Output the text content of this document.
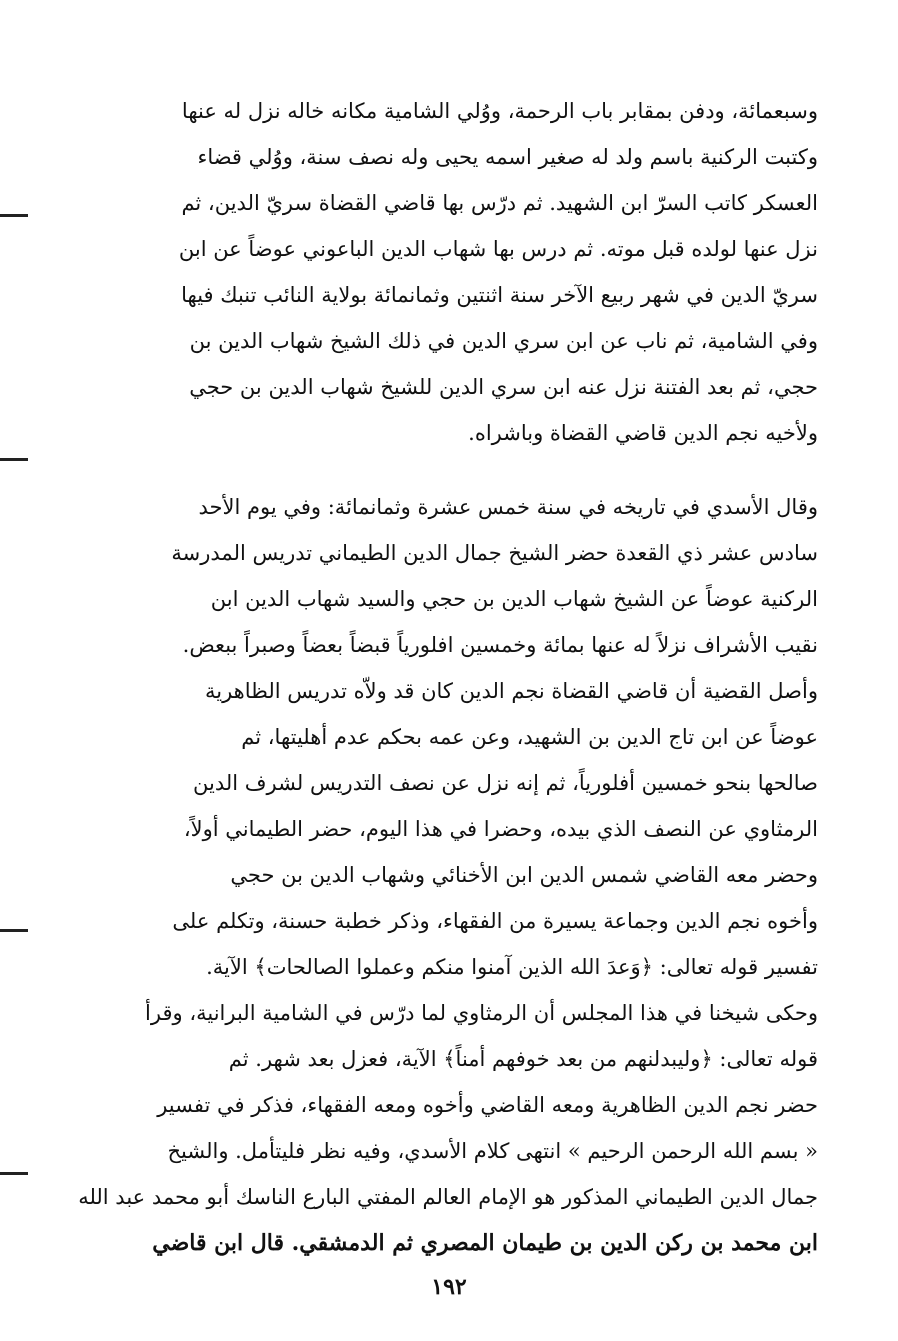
وسبعمائة، ودفن بمقابر باب الرحمة، ووُلي الشامية مكانه خاله نزل له عنها
وكتبت الركنية باسم ولد له صغير اسمه يحيى وله نصف سنة، ووُلي قضاء
العسكر كاتب السرّ ابن الشهيد. ثم درّس بها قاضي القضاة سريّ الدين، ثم
نزل عنها لولده قبل موته. ثم درس بها شهاب الدين الباعوني عوضاً عن ابن
سريّ الدين في شهر ربيع الآخر سنة اثنتين وثمانمائة بولاية النائب تنبك فيها
وفي الشامية، ثم ناب عن ابن سري الدين في ذلك الشيخ شهاب الدين بن
حجي، ثم بعد الفتنة نزل عنه ابن سري الدين للشيخ شهاب الدين بن حجي
ولأخيه نجم الدين قاضي القضاة وباشراه.
وقال الأسدي في تاريخه في سنة خمس عشرة وثمانمائة: وفي يوم الأحد
سادس عشر ذي القعدة حضر الشيخ جمال الدين الطيماني تدريس المدرسة
الركنية عوضاً عن الشيخ شهاب الدين بن حجي والسيد شهاب الدين ابن
نقيب الأشراف نزلاً له عنها بمائة وخمسين افلورياً قبضاً بعضاً وصبراً ببعض.
وأصل القضية أن قاضي القضاة نجم الدين كان قد ولاّه تدريس الظاهرية
عوضاً عن ابن تاج الدين بن الشهيد، وعن عمه بحكم عدم أهليتها، ثم
صالحها بنحو خمسين أفلورياً، ثم إنه نزل عن نصف التدريس لشرف الدين
الرمثاوي عن النصف الذي بيده، وحضرا في هذا اليوم، حضر الطيماني أولاً،
وحضر معه القاضي شمس الدين ابن الأخنائي وشهاب الدين بن حجي
وأخوه نجم الدين وجماعة يسيرة من الفقهاء، وذكر خطبة حسنة، وتكلم على
تفسير قوله تعالى: ﴿وَعدَ الله الذين آمنوا منكم وعملوا الصالحات﴾ الآية.
وحكى شيخنا في هذا المجلس أن الرمثاوي لما درّس في الشامية البرانية، وقرأ
قوله تعالى: ﴿وليبدلنهم من بعد خوفهم أمناً﴾ الآية، فعزل بعد شهر. ثم
حضر نجم الدين الظاهرية ومعه القاضي وأخوه ومعه الفقهاء، فذكر في تفسير
« بسم الله الرحمن الرحيم » انتهى كلام الأسدي، وفيه نظر فليتأمل. والشيخ
جمال الدين الطيماني المذكور هو الإمام العالم المفتي البارع الناسك أبو محمد عبد الله
ابن محمد بن ركن الدين بن طيمان المصري ثم الدمشقي. قال ابن قاضي
١٩٢
